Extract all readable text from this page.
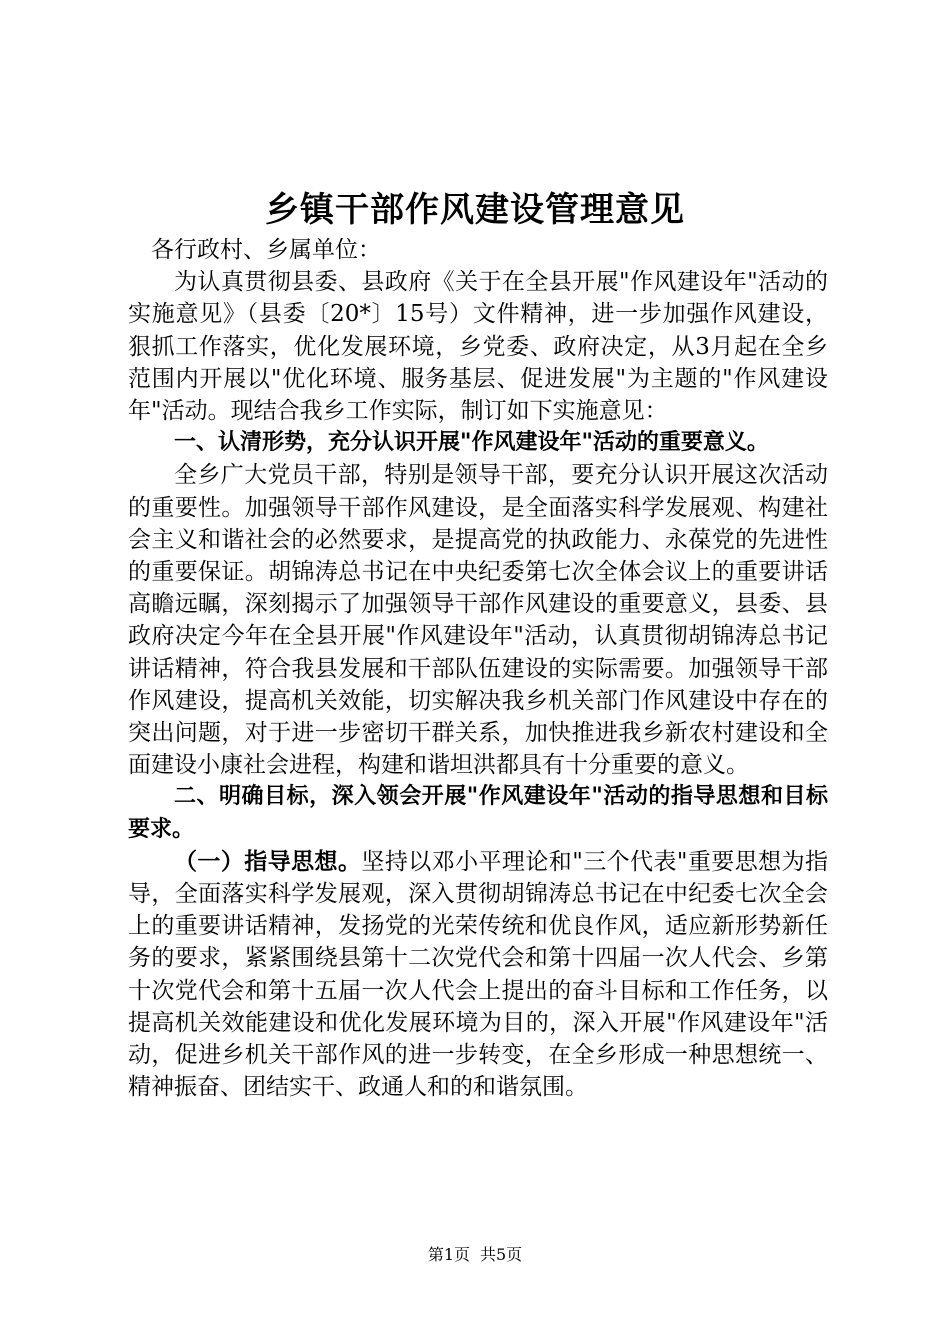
乡镇干部作风建设管理意见

各行政村、乡属单位：

为认真贯彻县委、县政府《关于在全县开展"作风建设年"活动的实施意见》（县委〔20*〕15号）文件精神，进一步加强作风建设，狠抓工作落实，优化发展环境，乡党委、政府决定，从3月起在全乡范围内开展以"优化环境、服务基层、促进发展"为主题的"作风建设年"活动。现结合我乡工作实际，制订如下实施意见：

一、认清形势，充分认识开展"作风建设年"活动的重要意义。

全乡广大党员干部，特别是领导干部，要充分认识开展这次活动的重要性。加强领导干部作风建设，是全面落实科学发展观、构建社会主义和谐社会的必然要求，是提高党的执政能力、永葆党的先进性的重要保证。胡锦涛总书记在中央纪委第七次全体会议上的重要讲话高瞻远瞩，深刻揭示了加强领导干部作风建设的重要意义，县委、县政府决定今年在全县开展"作风建设年"活动，认真贯彻胡锦涛总书记讲话精神，符合我县发展和干部队伍建设的实际需要。加强领导干部作风建设，提高机关效能，切实解决我乡机关部门作风建设中存在的突出问题，对于进一步密切干群关系，加快推进我乡新农村建设和全面建设小康社会进程，构建和谐坦洪都具有十分重要的意义。

二、明确目标，深入领会开展"作风建设年"活动的指导思想和目标要求。

（一）指导思想。坚持以邓小平理论和"三个代表"重要思想为指导，全面落实科学发展观，深入贯彻胡锦涛总书记在中纪委七次全会上的重要讲话精神，发扬党的光荣传统和优良作风，适应新形势新任务的要求，紧紧围绕县第十二次党代会和第十四届一次人代会、乡第十次党代会和第十五届一次人代会上提出的奋斗目标和工作任务，以提高机关效能建设和优化发展环境为目的，深入开展"作风建设年"活动，促进乡机关干部作风的进一步转变，在全乡形成一种思想统一、精神振奋、团结实干、政通人和的和谐氛围。

第1页 共5页
